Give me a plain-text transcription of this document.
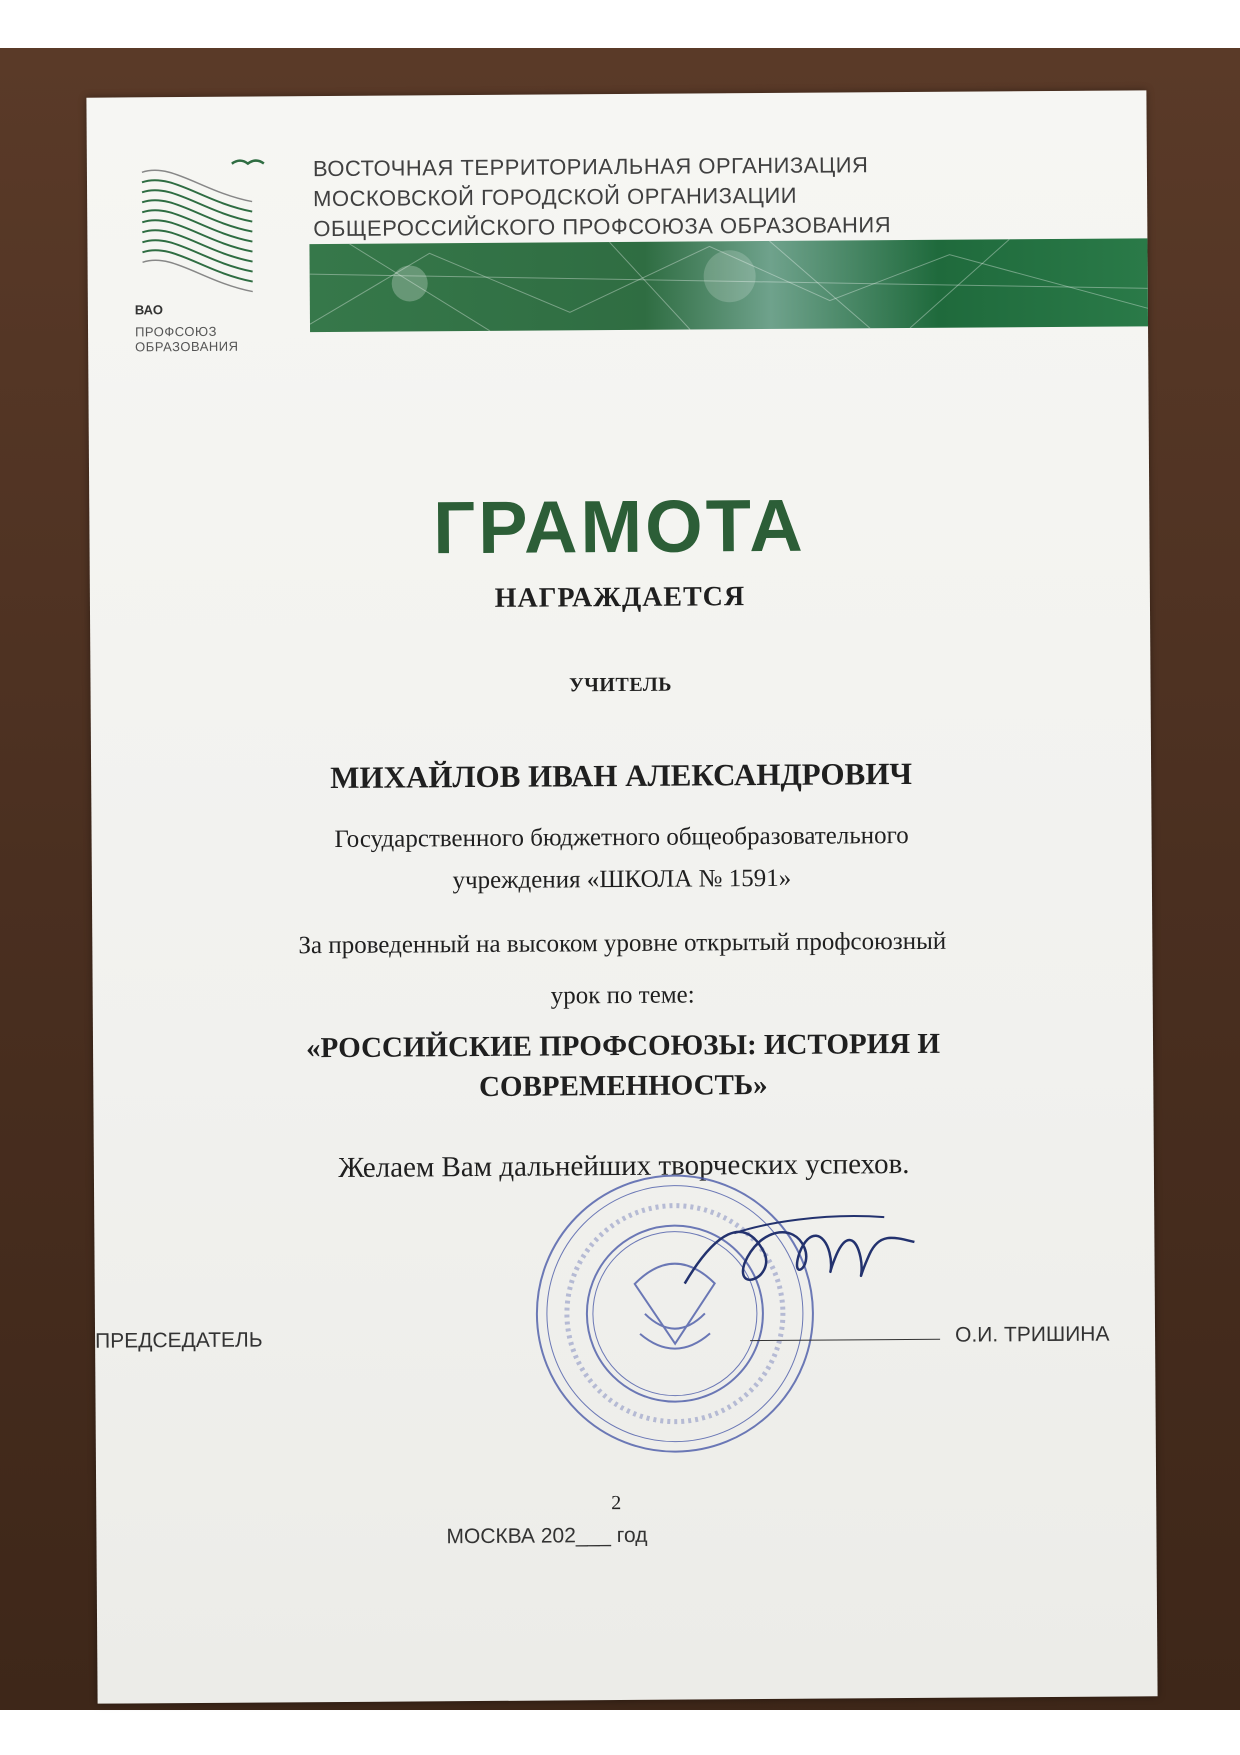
ВАО
ПРОФСОЮЗ
ОБРАЗОВАНИЯ
ВОСТОЧНАЯ ТЕРРИТОРИАЛЬНАЯ ОРГАНИЗАЦИЯ
МОСКОВСКОЙ ГОРОДСКОЙ ОРГАНИЗАЦИИ
ОБЩЕРОССИЙСКОГО ПРОФСОЮЗА ОБРАЗОВАНИЯ
ГРАМОТА
НАГРАЖДАЕТСЯ
УЧИТЕЛЬ
МИХАЙЛОВ ИВАН АЛЕКСАНДРОВИЧ
Государственного бюджетного общеобразовательного
учреждения «ШКОЛА № 1591»
За проведенный на высоком уровне открытый профсоюзный
урок по теме:
«РОССИЙСКИЕ ПРОФСОЮЗЫ: ИСТОРИЯ И
СОВРЕМЕННОСТЬ»
Желаем Вам дальнейших творческих успехов.
ПРЕДСЕДАТЕЛЬ	О.И. ТРИШИНА
2
МОСКВА 202___ год
